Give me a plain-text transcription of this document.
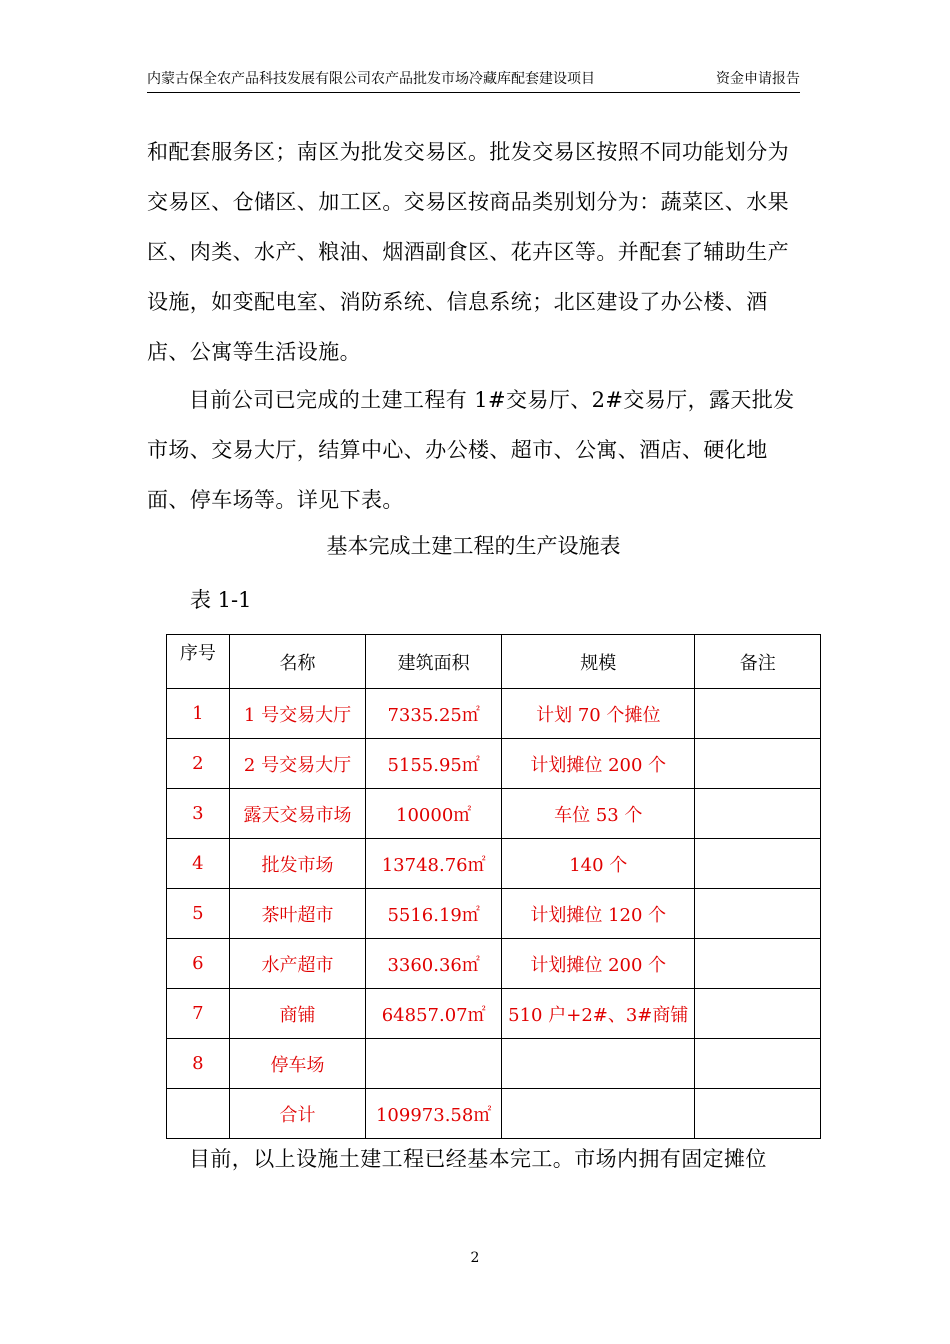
内蒙古保全农产品科技发展有限公司农产品批发市场冷藏库配套建设项目	资金申请报告

和配套服务区；南区为批发交易区。批发交易区按照不同功能划分为交易区、仓储区、加工区。交易区按商品类别划分为：蔬菜区、水果区、肉类、水产、粮油、烟酒副食区、花卉区等。并配套了辅助生产设施，如变配电室、消防系统、信息系统；北区建设了办公楼、酒店、公寓等生活设施。

目前公司已完成的土建工程有 1#交易厅、2#交易厅，露天批发市场、交易大厅，结算中心、办公楼、超市、公寓、酒店、硬化地面、停车场等。详见下表。

基本完成土建工程的生产设施表
表 1-1
序号	名称	建筑面积	规模	备注
1	1 号交易大厅	7335.25㎡	计划 70 个摊位	
2	2 号交易大厅	5155.95㎡	计划摊位 200 个	
3	露天交易市场	10000㎡	车位 53 个	
4	批发市场	13748.76㎡	140 个	
5	茶叶超市	5516.19㎡	计划摊位 120 个	
6	水产超市	3360.36㎡	计划摊位 200 个	
7	商铺	64857.07㎡	510 户+2#、3#商铺	
8	停车场			
	合计	109973.58㎡		

目前，以上设施土建工程已经基本完工。市场内拥有固定摊位

2
